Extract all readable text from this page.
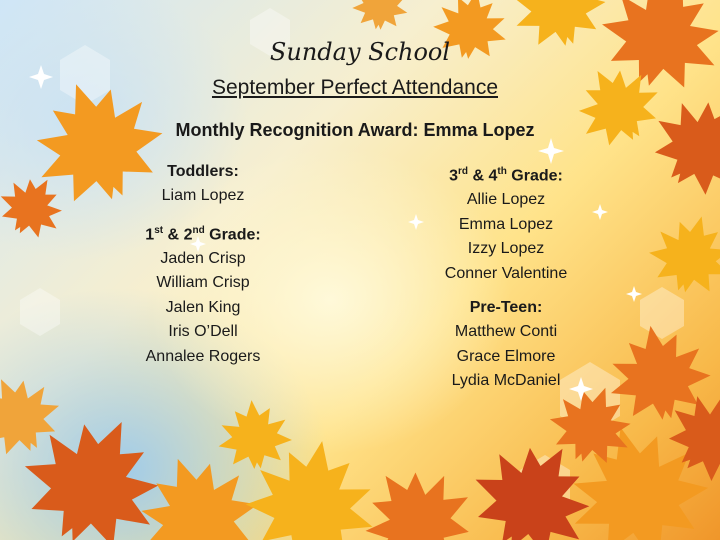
Sunday School
September Perfect Attendance
Monthly Recognition Award: Emma Lopez
Toddlers:
Liam Lopez
1st & 2nd Grade:
Jaden Crisp
William Crisp
Jalen King
Iris O’Dell
Annalee Rogers
3rd & 4th Grade:
Allie Lopez
Emma Lopez
Izzy Lopez
Conner Valentine
Pre-Teen:
Matthew Conti
Grace Elmore
Lydia McDaniel
